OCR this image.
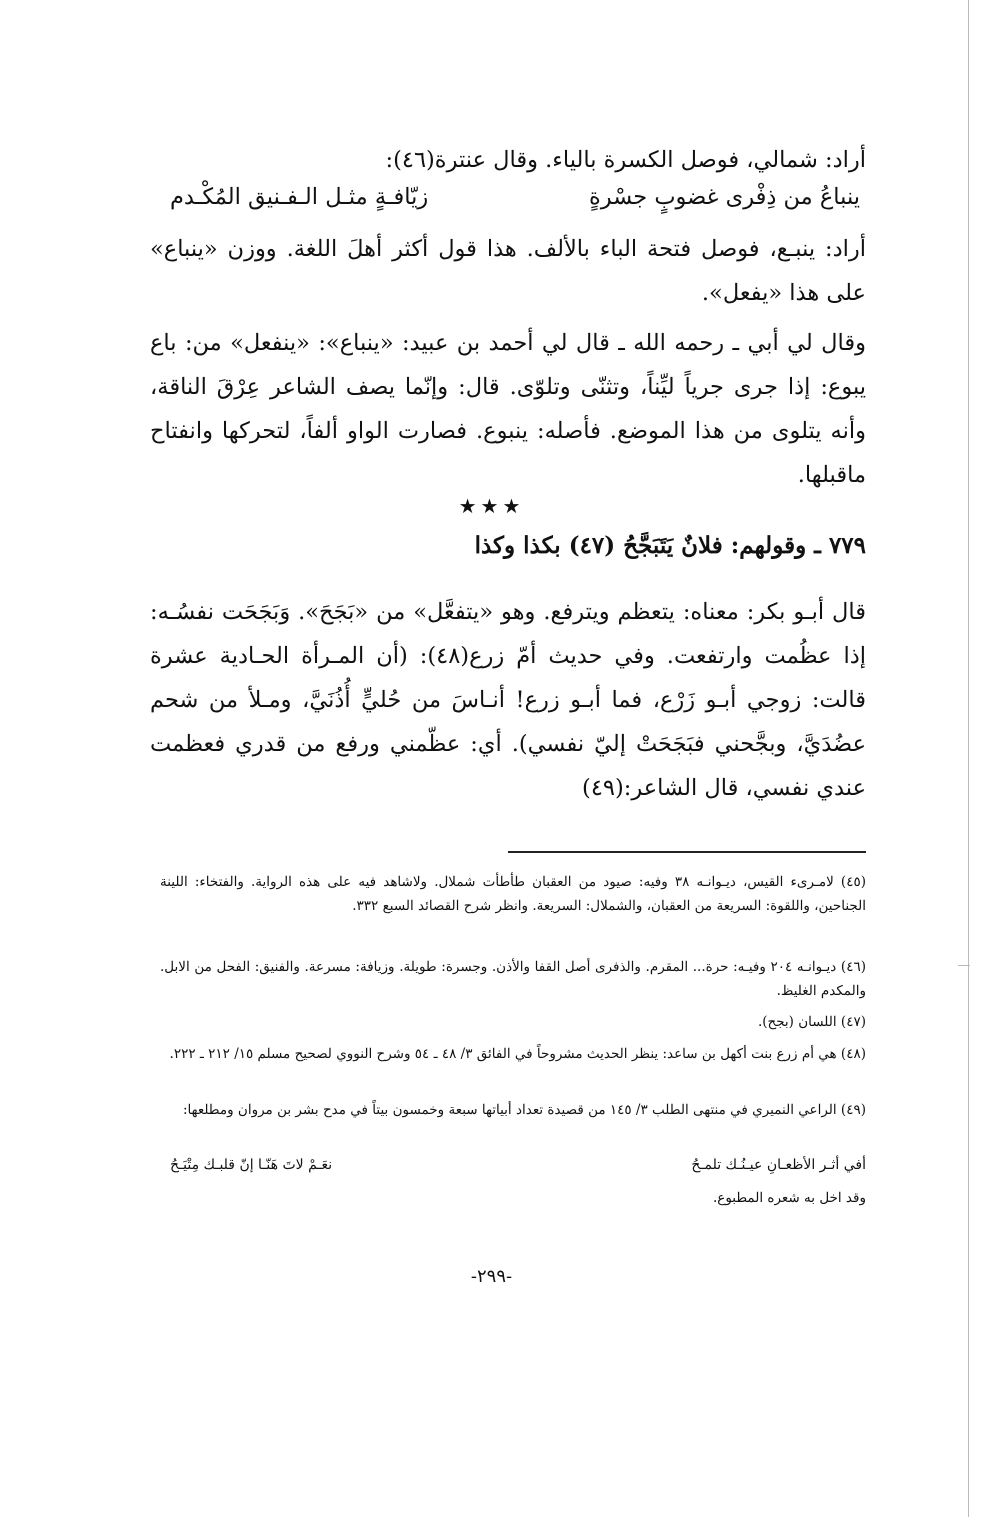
أراد: شمالي، فوصل الكسرة بالياء. وقال عنترة(٤٦):

ينباعُ من ذِفْرى غضوبٍ جسْرةٍ
زيّافـةٍ مثـل الـفـنيق المُكْـدم

أراد: ينبـع، فوصل فتحة الباء بالألف. هذا قول أكثر أهلَ اللغة. ووزن «ينباع» على هذا «يفعل».

وقال لي أبي ـ رحمه الله ـ قال لي أحمد بن عبيد: «ينباع»: «ينفعل» من: باع يبوع: إذا جرى جرياً ليِّناً، وتثنّى وتلوّى. قال: وإنّما يصف الشاعر عِرْقَ الناقة، وأنه يتلوى من هذا الموضع. فأصله: ينبوع. فصارت الواو ألفاً، لتحركها وانفتاح ماقبلها.

★★★
٧٧٩ ـ وقولهم: فلانٌ يَتَبَجَّحُ (٤٧) بكذا وكذا

قال أبـو بكر: معناه: يتعظم ويترفع. وهو «يتفعَّل» من «بَجَحَ». وَبَجَحَت نفسُـه: إذا عظُمت وارتفعت. وفي حديث أمّ زرع(٤٨): (أن المـرأة الحـادية عشرة قالت: زوجي أبـو زَرْع، فما أبـو زرع! أنـاسَ من حُليٍّ أُذُنَيَّ، ومـلأ من شحم عضُدَيَّ، وبجَّحني فبَجَحَتْ إليّ نفسي). أي: عظّمني ورفع من قدري فعظمت عندي نفسي، قال الشاعر:(٤٩)

(٤٥) لامـرىء القيس، ديـوانـه ٣٨ وفيه: صيود من العقبان طأطأت شملال. ولاشاهد فيه على هذه الرواية. والفتخاء: اللينة الجناحين، واللقوة: السريعة من العقبان، والشملال: السريعة. وانظر شرح القصائد السبع ٣٣٢.

(٤٦) ديـوانـه ٢٠٤ وفيـه: حرة... المقرم. والذفرى أصل القفا والأذن. وجسرة: طويلة. وزيافة: مسرعة. والفنيق: الفحل من الابل. والمكدم الغليظ.

(٤٧) اللسان (بجح).

(٤٨) هي أم زرع بنت أكهل بن ساعد: ينظر الحديث مشروحاً في الفائق ٣/ ٤٨ ـ ٥٤ وشرح النووي لصحيح مسلم ١٥/ ٢١٢ ـ ٢٢٢.

(٤٩) الراعي النميري في منتهى الطلب ٣/ ١٤٥ من قصيدة تعداد أبياتها سبعة وخمسون بيتاً في مدح بشر بن مروان ومطلعها:

أفي أثـر الأظعـانِ عيـنُـك تلمـحُ
نعَـمْ لاتَ هَنّـا إنّ قلبـك مِتْيَـحُ

وقد اخل به شعره المطبوع.

-٢٩٩-
